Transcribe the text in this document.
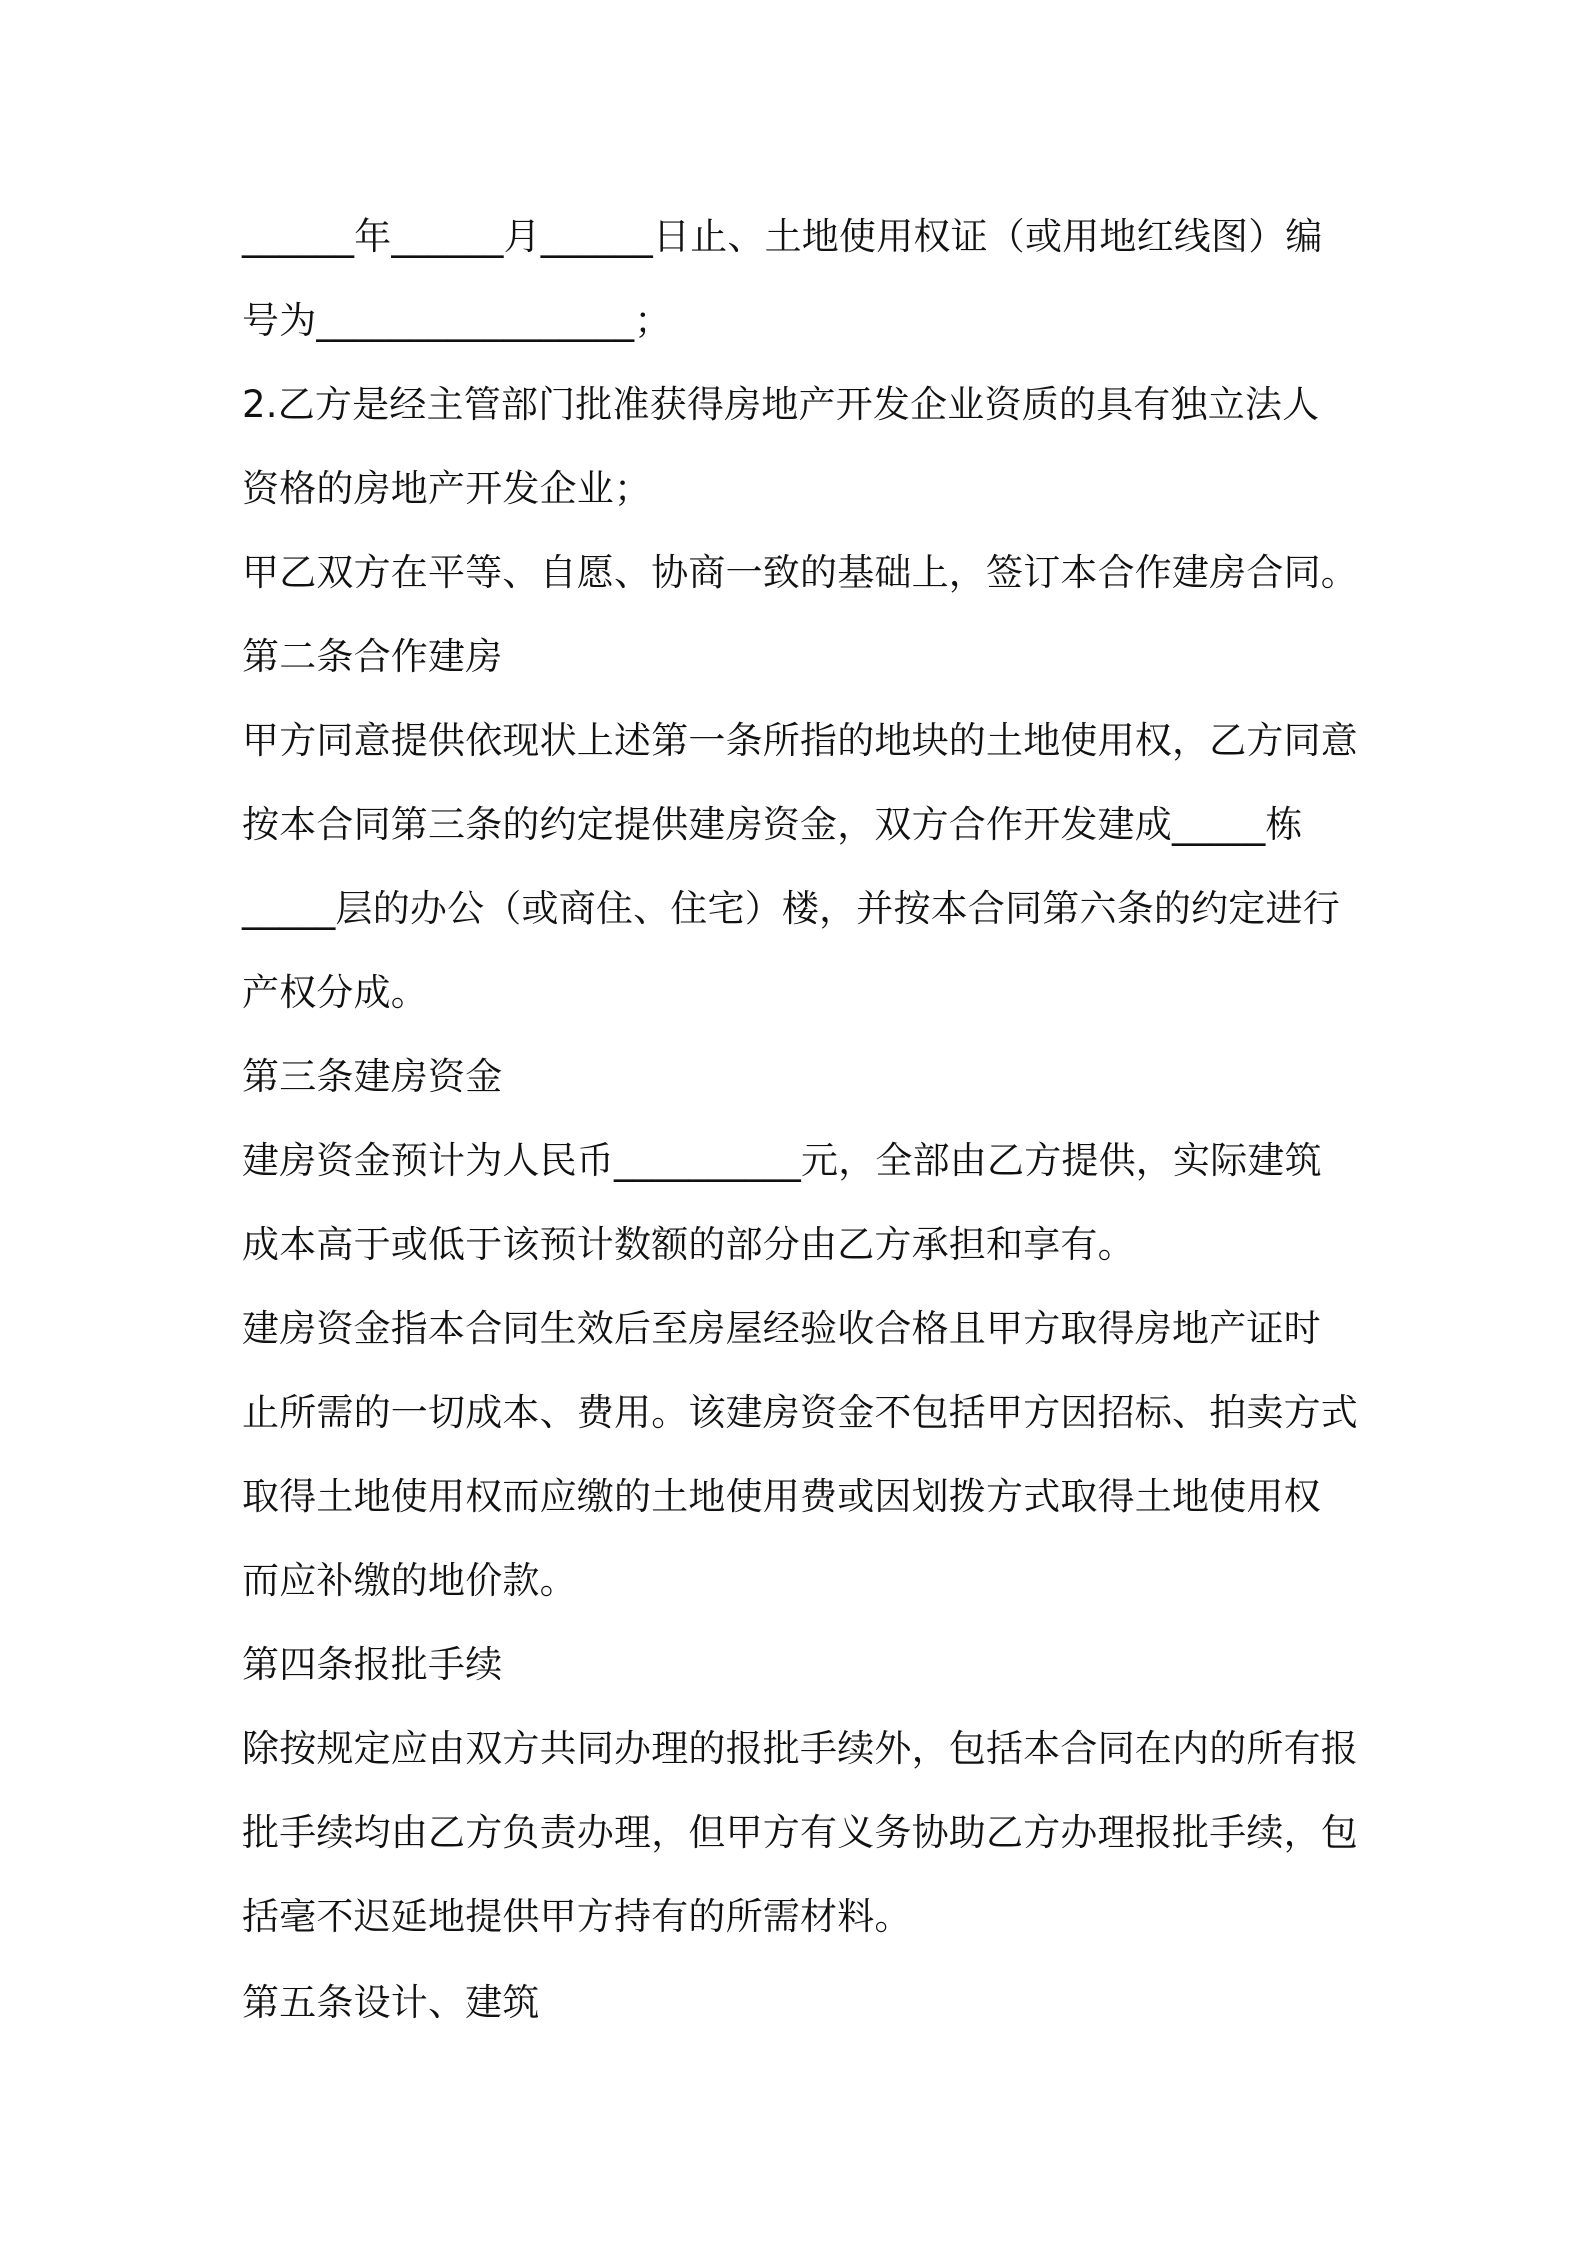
______年______月______日止、土地使用权证（或用地红线图）编
号为_________________；
2.乙方是经主管部门批准获得房地产开发企业资质的具有独立法人
资格的房地产开发企业；
甲乙双方在平等、自愿、协商一致的基础上，签订本合作建房合同。
第二条合作建房
甲方同意提供依现状上述第一条所指的地块的土地使用权，乙方同意
按本合同第三条的约定提供建房资金，双方合作开发建成_____栋
_____层的办公（或商住、住宅）楼，并按本合同第六条的约定进行
产权分成。
第三条建房资金
建房资金预计为人民币__________元，全部由乙方提供，实际建筑
成本高于或低于该预计数额的部分由乙方承担和享有。
建房资金指本合同生效后至房屋经验收合格且甲方取得房地产证时
止所需的一切成本、费用。该建房资金不包括甲方因招标、拍卖方式
取得土地使用权而应缴的土地使用费或因划拨方式取得土地使用权
而应补缴的地价款。
第四条报批手续
除按规定应由双方共同办理的报批手续外，包括本合同在内的所有报
批手续均由乙方负责办理，但甲方有义务协助乙方办理报批手续，包
括毫不迟延地提供甲方持有的所需材料。
第五条设计、建筑
